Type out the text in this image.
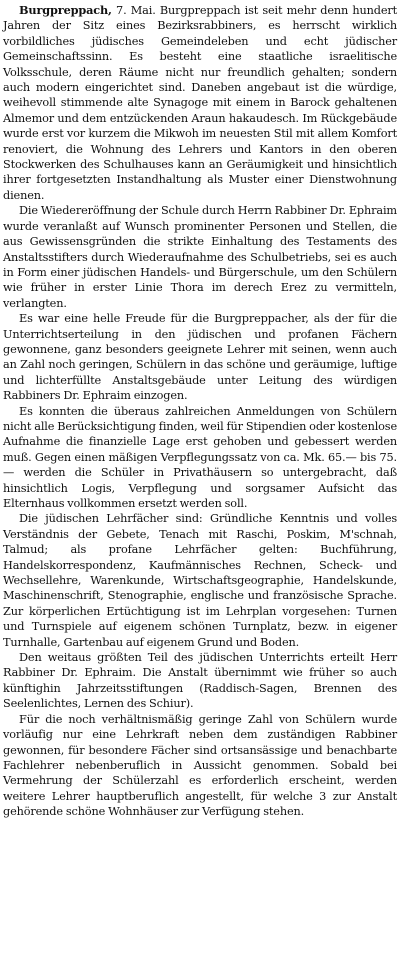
Burgpreppach, 7. Mai. Burgpreppach ist seit mehr denn hundert Jahren der Sitz eines Bezirksrabbiners, es herrscht wirklich vorbildliches jüdisches Gemeindeleben und echt jüdischer Gemeinschaftssinn. Es besteht eine staatliche israelitische Volksschule, deren Räume nicht nur freundlich gehalten; sondern auch modern eingerichtet sind. Daneben angebaut ist die würdige, weihevoll stimmende alte Synagoge mit einem in Barock gehaltenen Almemor und dem entzückenden Araun hakaudesch. Im Rückgebäude wurde erst vor kurzem die Mikwoh im neuesten Stil mit allem Komfort renoviert, die Wohnung des Lehrers und Kantors in den oberen Stockwerken des Schulhauses kann an Geräumigkeit und hinsichtlich ihrer fortgesetzten Instandhaltung als Muster einer Dienstwohnung dienen.

Die Wiedereröffnung der Schule durch Herrn Rabbiner Dr. Ephraim wurde veranlaßt auf Wunsch prominenter Personen und Stellen, die aus Gewissensgründen die strikte Einhaltung des Testaments des Anstaltsstifters durch Wiederaufnahme des Schulbetriebs, sei es auch in Form einer jüdischen Handels- und Bürgerschule, um den Schülern wie früher in erster Linie Thora im derech Erez zu vermitteln, verlangten.

Es war eine helle Freude für die Burgpreppacher, als der für die Unterrichtserteilung in den jüdischen und profanen Fächern gewonnene, ganz besonders geeignete Lehrer mit seinen, wenn auch an Zahl noch geringen, Schülern in das schöne und geräumige, luftige und lichterfüllte Anstaltsgebäude unter Leitung des würdigen Rabbiners Dr. Ephraim einzogen.

Es konnten die überaus zahlreichen Anmeldungen von Schülern nicht alle Berücksichtigung finden, weil für Stipendien oder kostenlose Aufnahme die finanzielle Lage erst gehoben und gebessert werden muß. Gegen einen mäßigen Verpflegungssatz von ca. Mk. 65.— bis 75.— werden die Schüler in Privathäusern so untergebracht, daß hinsichtlich Logis, Verpflegung und sorgsamer Aufsicht das Elternhaus vollkommen ersetzt werden soll.

Die jüdischen Lehrfächer sind: Gründliche Kenntnis und volles Verständnis der Gebete, Tenach mit Raschi, Poskim, M'schnah, Talmud; als profane Lehrfächer gelten: Buchführung, Handelskorrespondenz, Kaufmännisches Rechnen, Scheck- und Wechsellehre, Warenkunde, Wirtschaftsgeographie, Handelskunde, Maschinenschrift, Stenographie, englische und französische Sprache. Zur körperlichen Ertüchtigung ist im Lehrplan vorgesehen: Turnen und Turnspiele auf eigenem schönen Turnplatz, bezw. in eigener Turnhalle, Gartenbau auf eigenem Grund und Boden.

Den weitaus größten Teil des jüdischen Unterrichts erteilt Herr Rabbiner Dr. Ephraim. Die Anstalt übernimmt wie früher so auch künftighin Jahrzeitsstiftungen (Raddisch-Sagen, Brennen des Seelenlichtes, Lernen des Schiur).

Für die noch verhältnismäßig geringe Zahl von Schülern wurde vorläufig nur eine Lehrkraft neben dem zuständigen Rabbiner gewonnen, für besondere Fächer sind ortsansässige und benachbarte Fachlehrer nebenberuflich in Aussicht genommen. Sobald bei Vermehrung der Schülerzahl es erforderlich erscheint, werden weitere Lehrer hauptberuflich angestellt, für welche 3 zur Anstalt gehörende schöne Wohnhäuser zur Verfügung stehen.
